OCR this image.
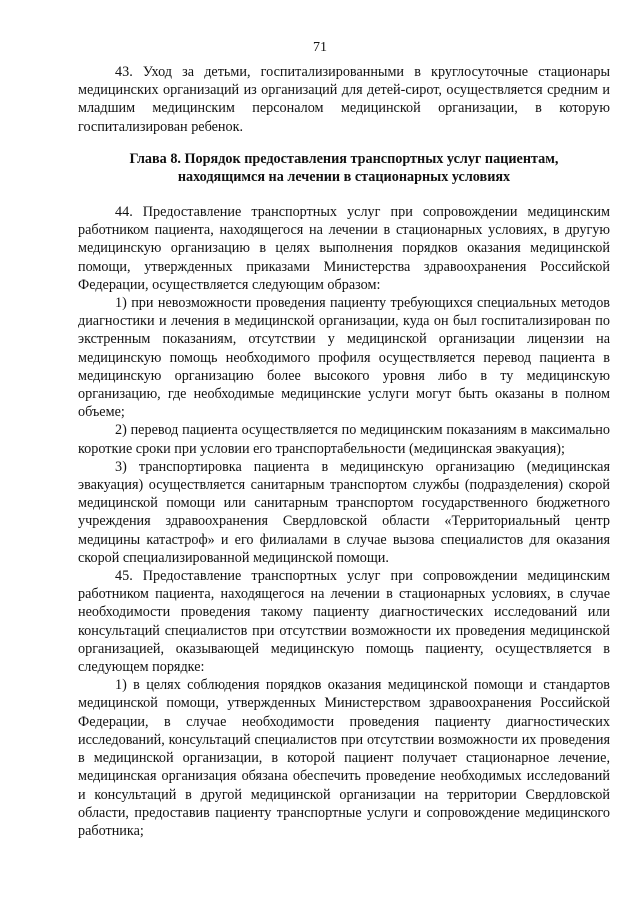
71

43. Уход за детьми, госпитализированными в круглосуточные стационары медицинских организаций из организаций для детей-сирот, осуществляется средним и младшим медицинским персоналом медицинской организации, в которую госпитализирован ребенок.

Глава 8. Порядок предоставления транспортных услуг пациентам,
находящимся на лечении в стационарных условиях

44. Предоставление транспортных услуг при сопровождении медицинским работником пациента, находящегося на лечении в стационарных условиях, в другую медицинскую организацию в целях выполнения порядков оказания медицинской помощи, утвержденных приказами Министерства здравоохранения Российской Федерации, осуществляется следующим образом:

1) при невозможности проведения пациенту требующихся специальных методов диагностики и лечения в медицинской организации, куда он был госпитализирован по экстренным показаниям, отсутствии у медицинской организации лицензии на медицинскую помощь необходимого профиля осуществляется перевод пациента в медицинскую организацию более высокого уровня либо в ту медицинскую организацию, где необходимые медицинские услуги могут быть оказаны в полном объеме;

2) перевод пациента осуществляется по медицинским показаниям в максимально короткие сроки при условии его транспортабельности (медицинская эвакуация);

3) транспортировка пациента в медицинскую организацию (медицинская эвакуация) осуществляется санитарным транспортом службы (подразделения) скорой медицинской помощи или санитарным транспортом государственного бюджетного учреждения здравоохранения Свердловской области «Территориальный центр медицины катастроф» и его филиалами в случае вызова специалистов для оказания скорой специализированной медицинской помощи.

45. Предоставление транспортных услуг при сопровождении медицинским работником пациента, находящегося на лечении в стационарных условиях, в случае необходимости проведения такому пациенту диагностических исследований или консультаций специалистов при отсутствии возможности их проведения медицинской организацией, оказывающей медицинскую помощь пациенту, осуществляется в следующем порядке:

1) в целях соблюдения порядков оказания медицинской помощи и стандартов медицинской помощи, утвержденных Министерством здравоохранения Российской Федерации, в случае необходимости проведения пациенту диагностических исследований, консультаций специалистов при отсутствии возможности их проведения в медицинской организации, в которой пациент получает стационарное лечение, медицинская организация обязана обеспечить проведение необходимых исследований и консультаций в другой медицинской организации на территории Свердловской области, предоставив пациенту транспортные услуги и сопровождение медицинского работника;
